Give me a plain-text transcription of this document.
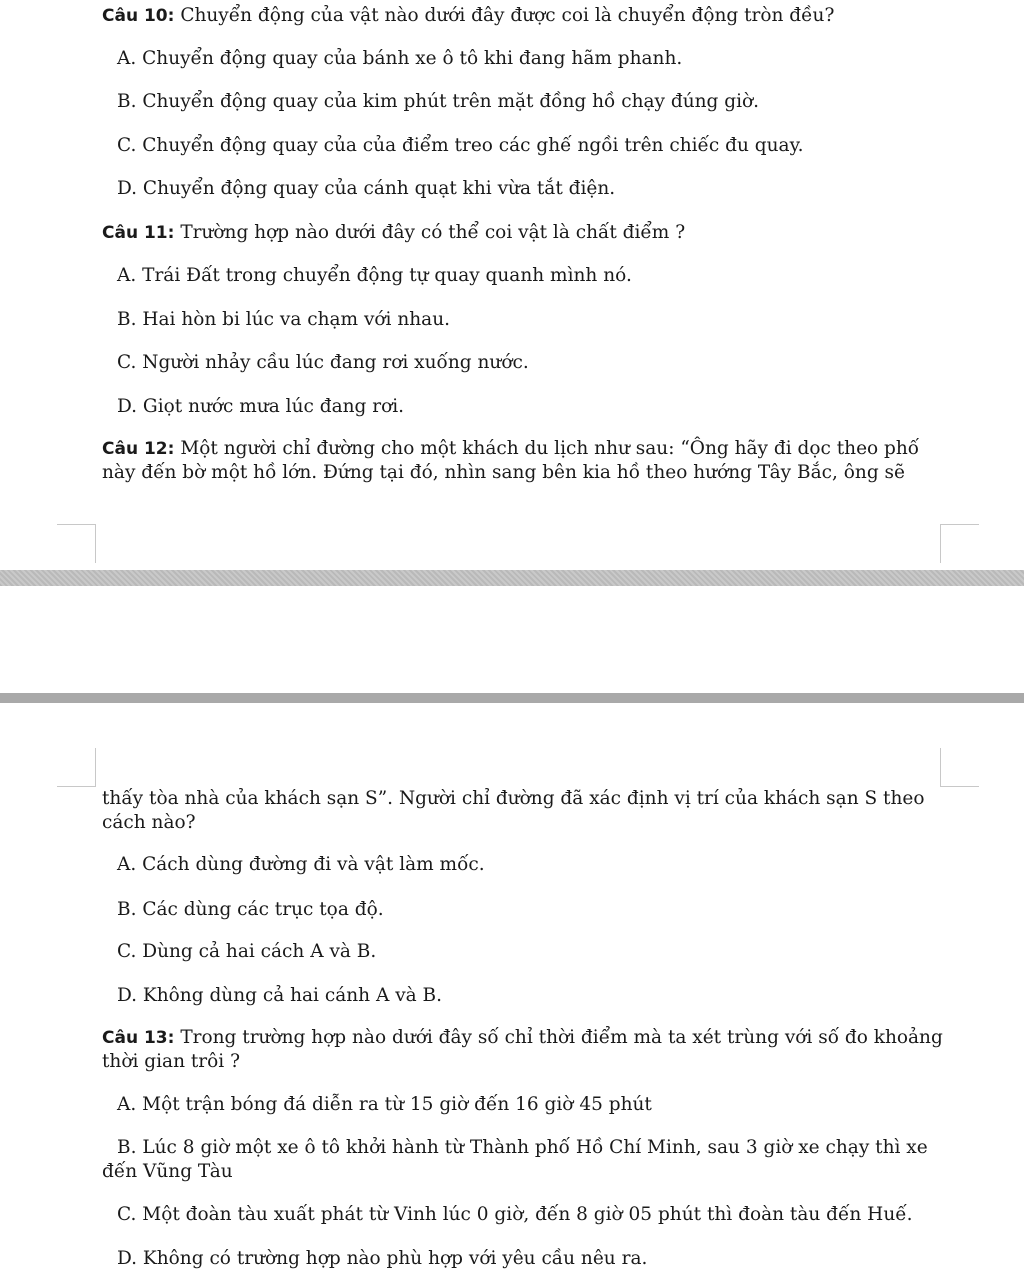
Câu 10: Chuyển động của vật nào dưới đây được coi là chuyển động tròn đều?
A. Chuyển động quay của bánh xe ô tô khi đang hãm phanh.
B. Chuyển động quay của kim phút trên mặt đồng hồ chạy đúng giờ.
C. Chuyển động quay của của điểm treo các ghế ngồi trên chiếc đu quay.
D. Chuyển động quay của cánh quạt khi vừa tắt điện.
Câu 11: Trường hợp nào dưới đây có thể coi vật là chất điểm ?
A. Trái Đất trong chuyển động tự quay quanh mình nó.
B. Hai hòn bi lúc va chạm với nhau.
C. Người nhảy cầu lúc đang rơi xuống nước.
D. Giọt nước mưa lúc đang rơi.
Câu 12: Một người chỉ đường cho một khách du lịch như sau: “Ông hãy đi dọc theo phố
này đến bờ một hồ lớn. Đứng tại đó, nhìn sang bên kia hồ theo hướng Tây Bắc, ông sẽ
thấy tòa nhà của khách sạn S”. Người chỉ đường đã xác định vị trí của khách sạn S theo
cách nào?
A. Cách dùng đường đi và vật làm mốc.
B. Các dùng các trục tọa độ.
C. Dùng cả hai cách A và B.
D. Không dùng cả hai cánh A và B.
Câu 13: Trong trường hợp nào dưới đây số chỉ thời điểm mà ta xét trùng với số đo khoảng
thời gian trôi ?
A. Một trận bóng đá diễn ra từ 15 giờ đến 16 giờ 45 phút
B. Lúc 8 giờ một xe ô tô khởi hành từ Thành phố Hồ Chí Minh, sau 3 giờ xe chạy thì xe
đến Vũng Tàu
C. Một đoàn tàu xuất phát từ Vinh lúc 0 giờ, đến 8 giờ 05 phút thì đoàn tàu đến Huế.
D. Không có trường hợp nào phù hợp với yêu cầu nêu ra.
